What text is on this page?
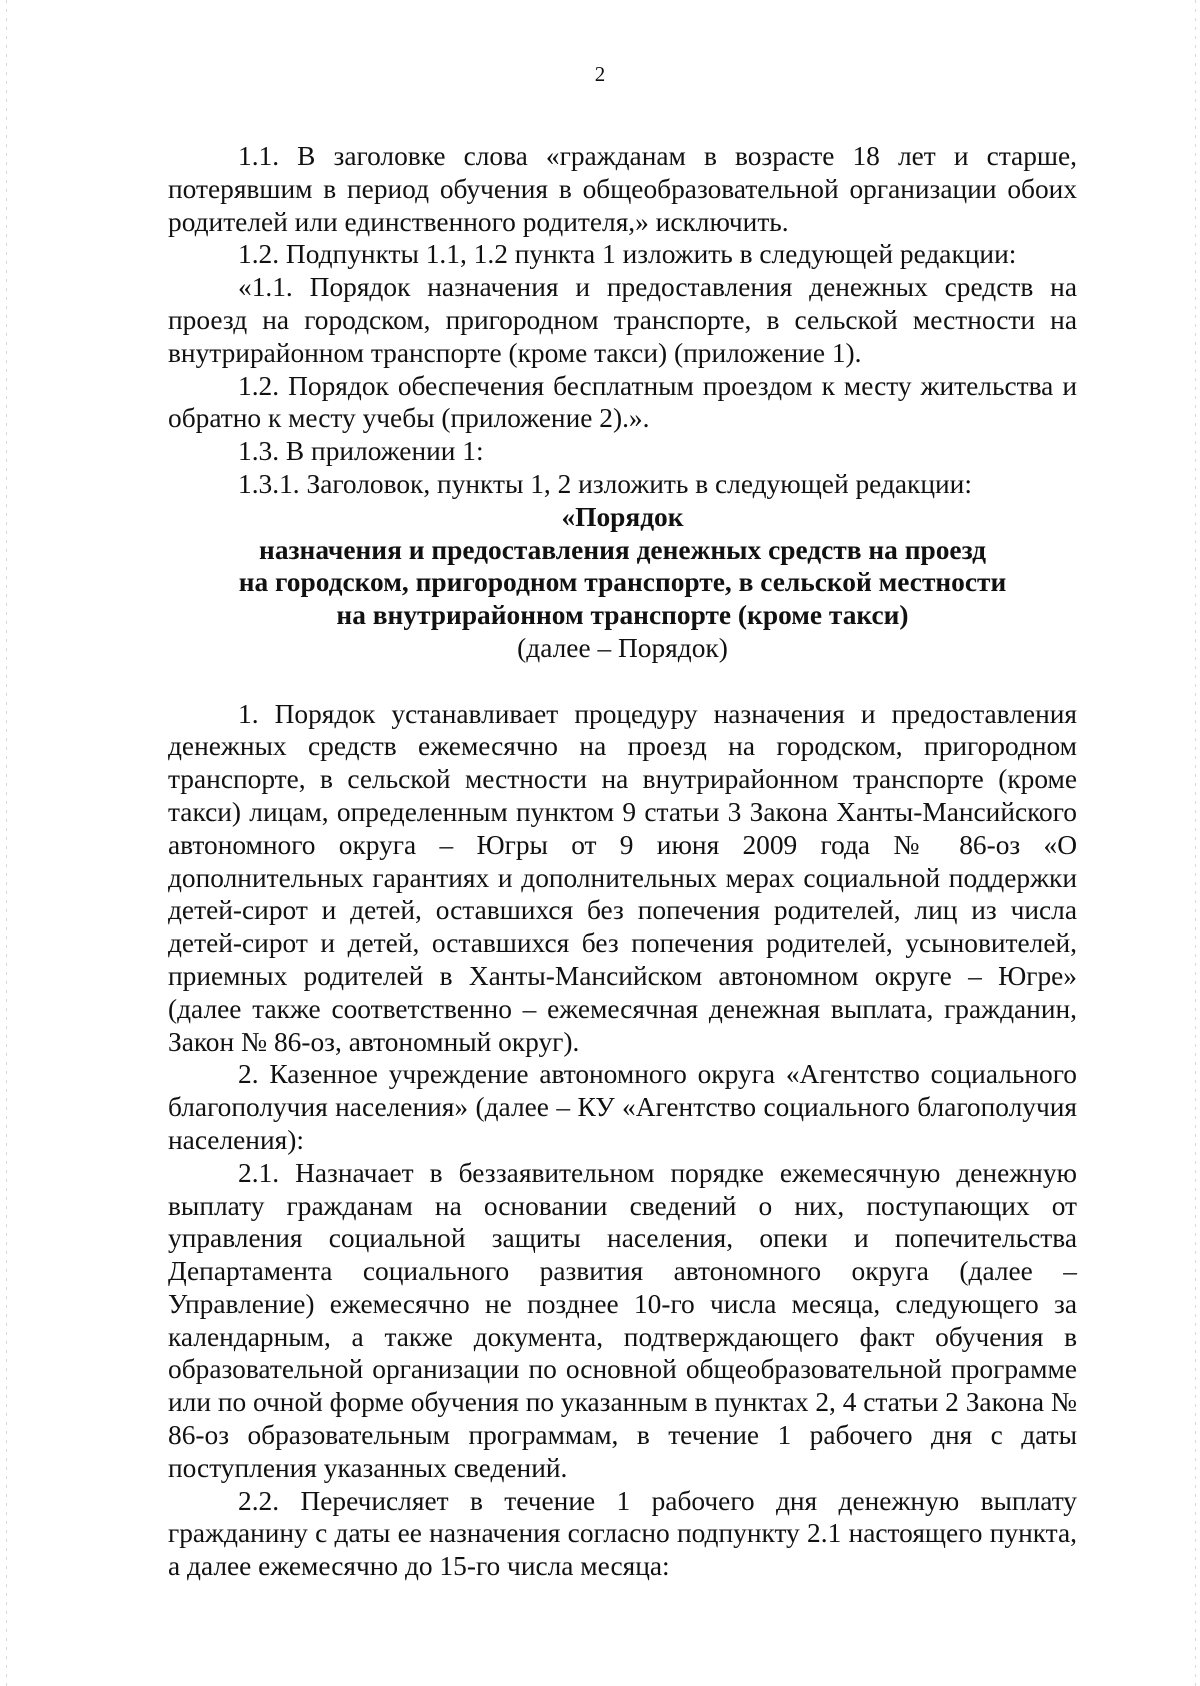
2

1.1. В заголовке слова «гражданам в возрасте 18 лет и старше, потерявшим в период обучения в общеобразовательной организации обоих родителей или единственного родителя,» исключить.

1.2. Подпункты 1.1, 1.2 пункта 1 изложить в следующей редакции:

«1.1. Порядок назначения и предоставления денежных средств на проезд на городском, пригородном транспорте, в сельской местности на внутрирайонном транспорте (кроме такси) (приложение 1).

1.2. Порядок обеспечения бесплатным проездом к месту жительства и обратно к месту учебы (приложение 2).».

1.3. В приложении 1:

1.3.1. Заголовок, пункты 1, 2 изложить в следующей редакции:

«Порядок

назначения и предоставления денежных средств на проезд

на городском, пригородном транспорте, в сельской местности

на внутрирайонном транспорте (кроме такси)

(далее – Порядок)

1. Порядок устанавливает процедуру назначения и предоставления денежных средств ежемесячно на проезд на городском, пригородном транспорте, в сельской местности на внутрирайонном транспорте (кроме такси) лицам, определенным пунктом 9 статьи 3 Закона Ханты-Мансийского автономного округа – Югры от 9 июня 2009 года № 86-оз «О дополнительных гарантиях и дополнительных мерах социальной поддержки детей-сирот и детей, оставшихся без попечения родителей, лиц из числа детей-сирот и детей, оставшихся без попечения родителей, усыновителей, приемных родителей в Ханты-Мансийском автономном округе – Югре» (далее также соответственно – ежемесячная денежная выплата, гражданин, Закон № 86-оз, автономный округ).

2. Казенное учреждение автономного округа «Агентство социального благополучия населения» (далее – КУ «Агентство социального благополучия населения):

2.1. Назначает в беззаявительном порядке ежемесячную денежную выплату гражданам на основании сведений о них, поступающих от управления социальной защиты населения, опеки и попечительства Департамента социального развития автономного округа (далее – Управление) ежемесячно не позднее 10-го числа месяца, следующего за календарным, а также документа, подтверждающего факт обучения в образовательной организации по основной общеобразовательной программе или по очной форме обучения по указанным в пунктах 2, 4 статьи 2 Закона № 86-оз образовательным программам, в течение 1 рабочего дня с даты поступления указанных сведений.

2.2. Перечисляет в течение 1 рабочего дня денежную выплату гражданину с даты ее назначения согласно подпункту 2.1 настоящего пункта, а далее ежемесячно до 15-го числа месяца:
